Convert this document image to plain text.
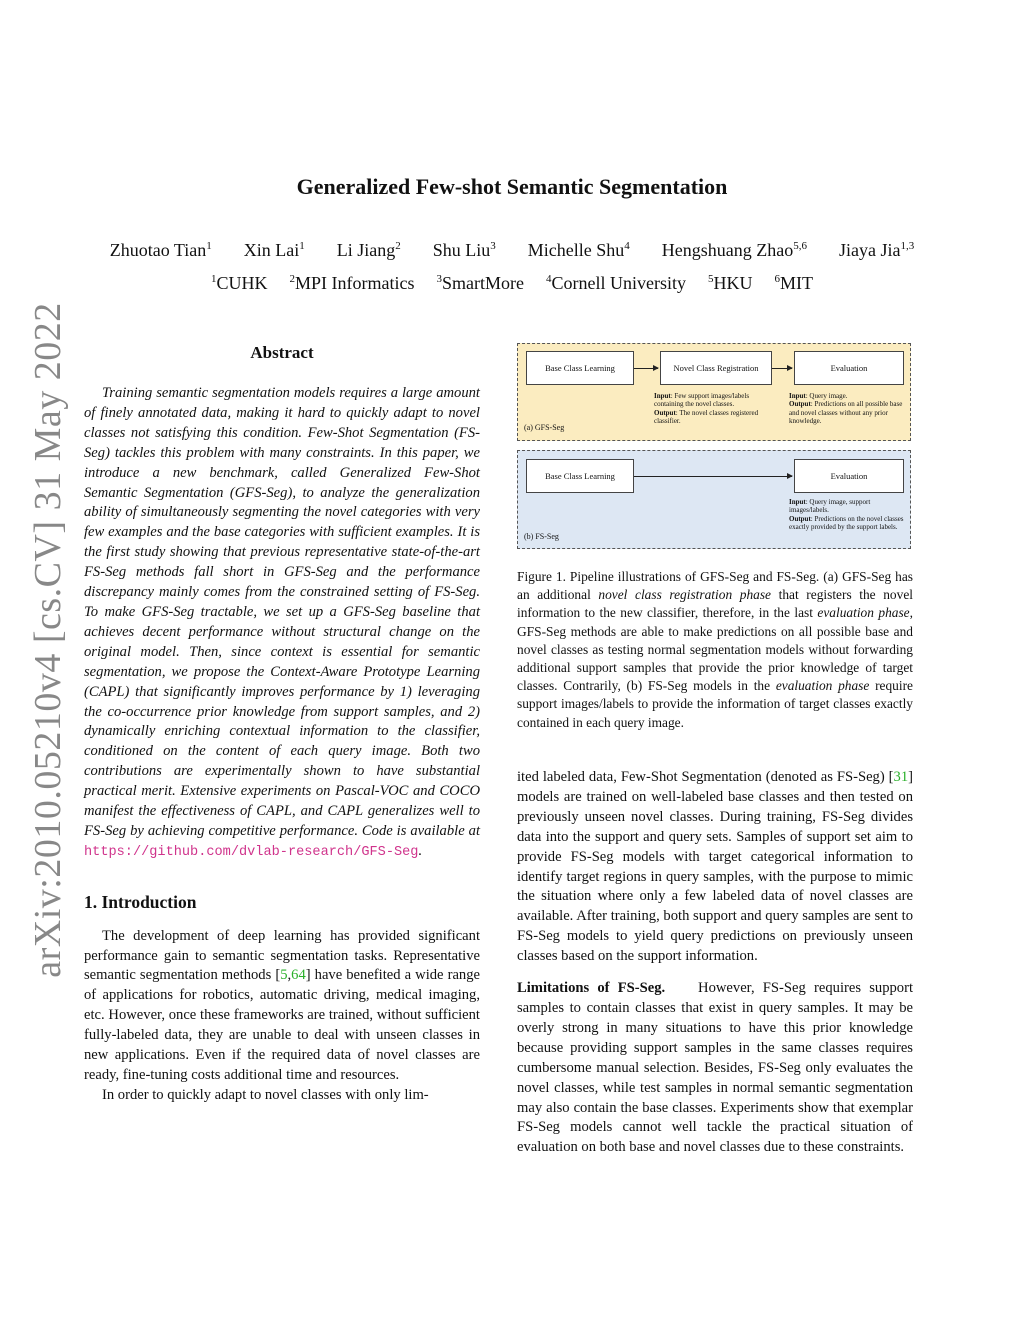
arXiv:2010.05210v4 [cs.CV] 31 May 2022
Generalized Few-shot Semantic Segmentation
Zhuotao Tian$^1$ Xin Lai$^1$ Li Jiang$^2$ Shu Liu$^3$ Michelle Shu$^4$ Hengshuang Zhao$^{5,6}$ Jiaya Jia$^{1,3}$
$^1$CUHK $^2$MPI Informatics $^3$SmartMore $^4$Cornell University $^5$HKU $^6$MIT
Abstract

Training semantic segmentation models requires a large amount of finely annotated data, making it hard to quickly adapt to novel classes not satisfying this condition. Few-Shot Segmentation (FS-Seg) tackles this problem with many constraints. In this paper, we introduce a new benchmark, called Generalized Few-Shot Semantic Segmentation (GFS-Seg), to analyze the generalization ability of simultaneously segmenting the novel categories with very few examples and the base categories with sufficient examples. It is the first study showing that previous representative state-of-the-art FS-Seg methods fall short in GFS-Seg and the performance discrepancy mainly comes from the constrained setting of FS-Seg. To make GFS-Seg tractable, we set up a GFS-Seg baseline that achieves decent performance without structural change on the original model. Then, since context is essential for semantic segmentation, we propose the Context-Aware Prototype Learning (CAPL) that significantly improves performance by 1) leveraging the co-occurrence prior knowledge from support samples, and 2) dynamically enriching contextual information to the classifier, conditioned on the content of each query image. Both two contributions are experimentally shown to have substantial practical merit. Extensive experiments on Pascal-VOC and COCO manifest the effectiveness of CAPL, and CAPL generalizes well to FS-Seg by achieving competitive performance. Code is available at https://github.com/dvlab-research/GFS-Seg.

1. Introduction

The development of deep learning has provided significant performance gain to semantic segmentation tasks. Representative semantic segmentation methods [5,64] have benefited a wide range of applications for robotics, automatic driving, medical imaging, etc. However, once these frameworks are trained, without sufficient fully-labeled data, they are unable to deal with unseen classes in new applications. Even if the required data of novel classes are ready, fine-tuning costs additional time and resources.

In order to quickly adapt to novel classes with only lim-

Base Class Learning	Novel Class Registration	Evaluation
Input: Few support images/labels containing the novel classes.
Output: The novel classes registered classifier.
Input: Query image.
Output: Predictions on all possible base and novel classes without any prior knowledge.
(a) GFS-Seg
Base Class Learning	Evaluation
Input: Query image, support images/labels.
Output: Predictions on the novel classes exactly provided by the support labels.
(b) FS-Seg
Figure 1. Pipeline illustrations of GFS-Seg and FS-Seg. (a) GFS-Seg has an additional novel class registration phase that registers the novel information to the new classifier, therefore, in the last evaluation phase, GFS-Seg methods are able to make predictions on all possible base and novel classes as testing normal segmentation models without forwarding additional support samples that provide the prior knowledge of target classes. Contrarily, (b) FS-Seg models in the evaluation phase require support images/labels to provide the information of target classes exactly contained in each query image.

ited labeled data, Few-Shot Segmentation (denoted as FS-Seg) [31] models are trained on well-labeled base classes and then tested on previously unseen novel classes. During training, FS-Seg divides data into the support and query sets. Samples of support set aim to provide FS-Seg models with target categorical information to identify target regions in query samples, with the purpose to mimic the situation where only a few labeled data of novel classes are available. After training, both support and query samples are sent to FS-Seg models to yield query predictions on previously unseen classes based on the support information.

Limitations of FS-Seg. However, FS-Seg requires support samples to contain classes that exist in query samples. It may be overly strong in many situations to have this prior knowledge because providing support samples in the same classes requires cumbersome manual selection. Besides, FS-Seg only evaluates the novel classes, while test samples in normal semantic segmentation may also contain the base classes. Experiments show that exemplar FS-Seg models cannot well tackle the practical situation of evaluation on both base and novel classes due to these constraints.
